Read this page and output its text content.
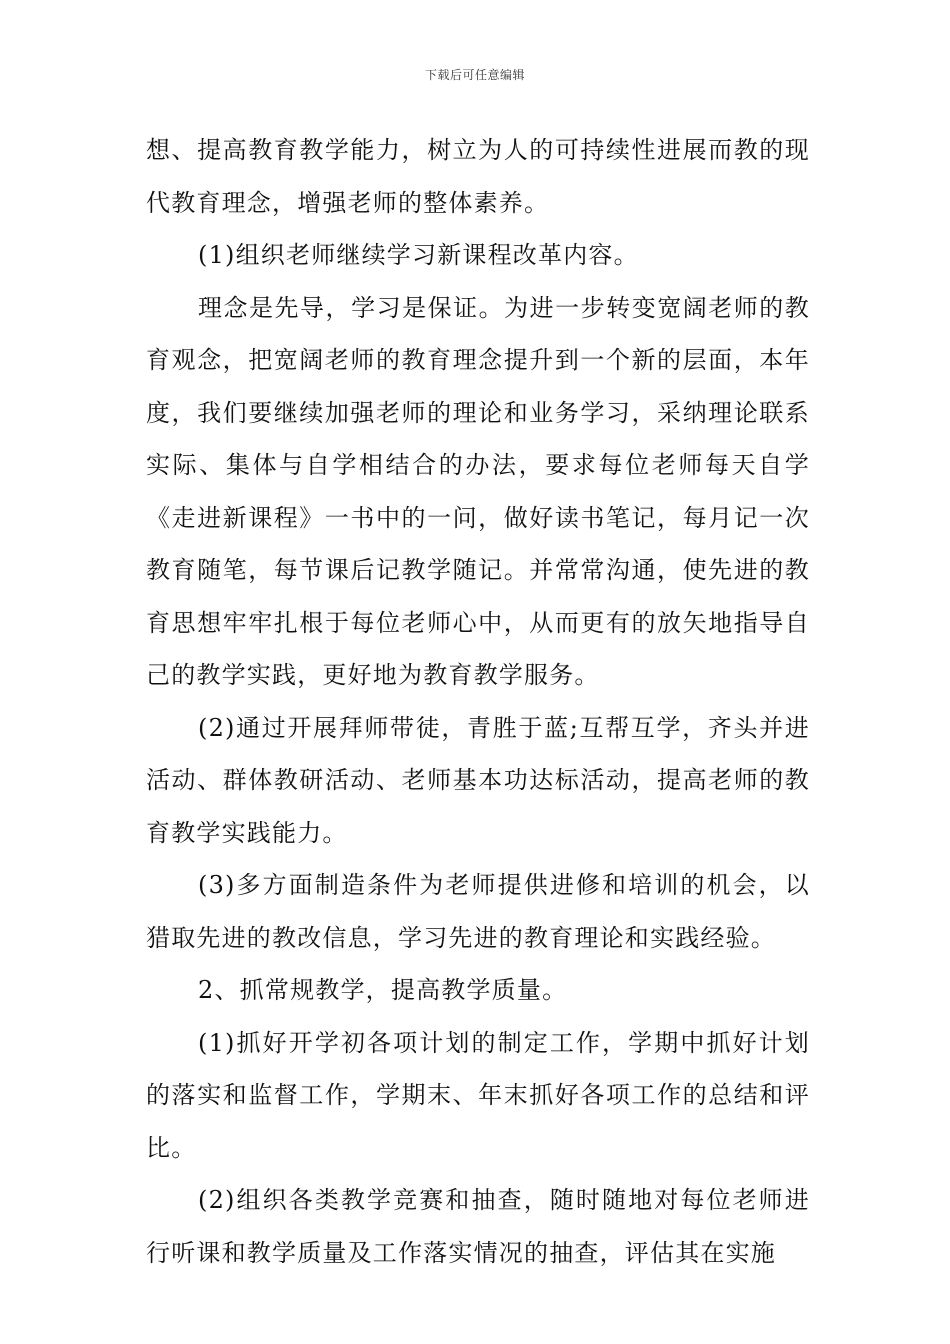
下载后可任意编辑

想、提高教育教学能力，树立为人的可持续性进展而教的现代教育理念，增强老师的整体素养。

(1)组织老师继续学习新课程改革内容。

理念是先导，学习是保证。为进一步转变宽阔老师的教育观念，把宽阔老师的教育理念提升到一个新的层面，本年度，我们要继续加强老师的理论和业务学习，采纳理论联系实际、集体与自学相结合的办法，要求每位老师每天自学《走进新课程》一书中的一问，做好读书笔记，每月记一次教育随笔，每节课后记教学随记。并常常沟通，使先进的教育思想牢牢扎根于每位老师心中，从而更有的放矢地指导自己的教学实践，更好地为教育教学服务。

(2)通过开展拜师带徒，青胜于蓝;互帮互学，齐头并进活动、群体教研活动、老师基本功达标活动，提高老师的教育教学实践能力。

(3)多方面制造条件为老师提供进修和培训的机会，以猎取先进的教改信息，学习先进的教育理论和实践经验。

2、抓常规教学，提高教学质量。

(1)抓好开学初各项计划的制定工作，学期中抓好计划的落实和监督工作，学期末、年末抓好各项工作的总结和评比。

(2)组织各类教学竞赛和抽查，随时随地对每位老师进行听课和教学质量及工作落实情况的抽查，评估其在实施
